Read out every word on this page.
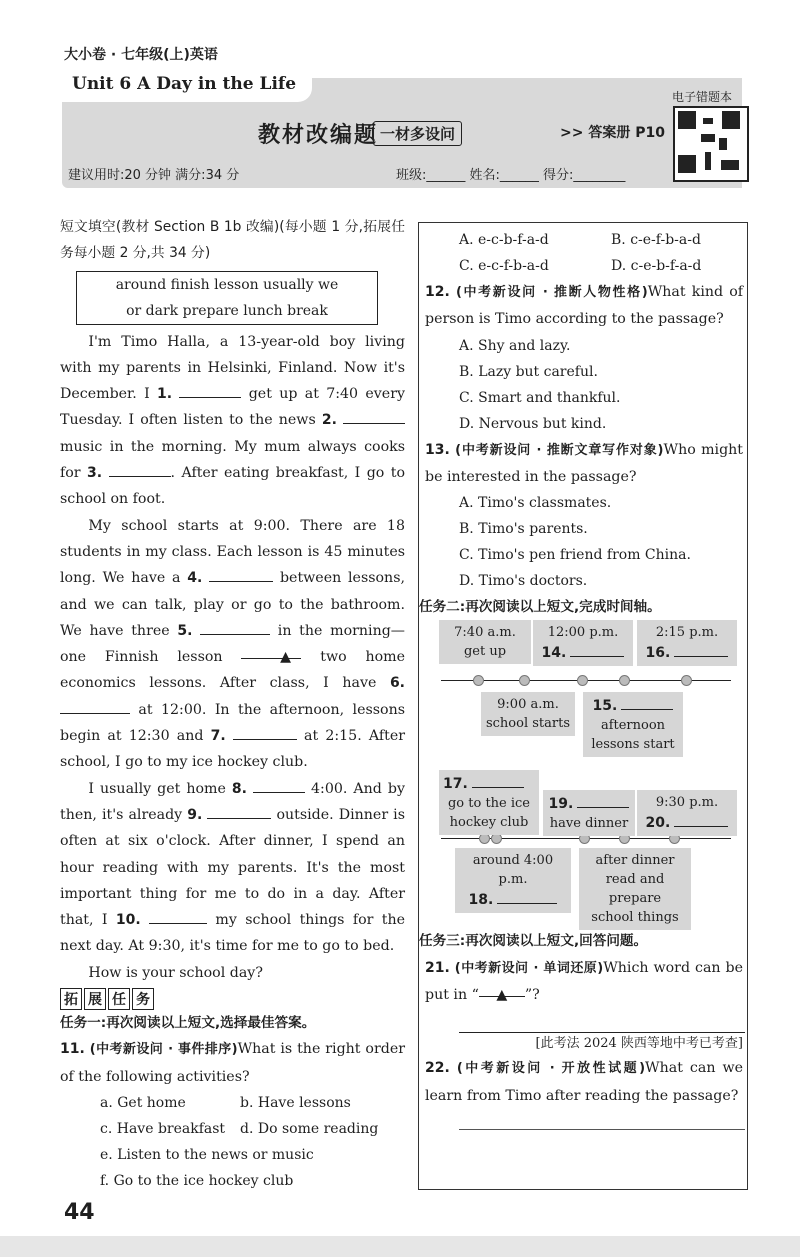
大小卷 · 七年级(上)英语
Unit 6 A Day in the Life
教材改编题 一材多设问	>> 答案册 P10
建议用时:20 分钟 满分:34 分	班级:______ 姓名:______ 得分:________
电子错题本

短文填空(教材 Section B 1b 改编)(每小题 1 分,拓展任务每小题 2 分,共 34 分)

around finish lesson usually we
or dark prepare lunch break

I'm Timo Halla, a 13-year-old boy living with my parents in Helsinki, Finland. Now it's December. I 1.	get up at 7:40 every Tuesday. I often listen to the news 2.  music in the morning. My mum always cooks for 3.	. After eating breakfast, I go to school on foot.

My school starts at 9:00. There are 18 students in my class. Each lesson is 45 minutes long. We have a 4.	between lessons, and we can talk, play or go to the bathroom. We have three 5.	in the morning—one Finnish lesson	▲ two home economics lessons. After class, I have 6.  at 12:00. In the afternoon, lessons begin at 12:30 and 7.	at 2:15. After school, I go to my ice hockey club.

I usually get home 8.	4:00. And by then, it's already 9.	outside. Dinner is often at six o'clock. After dinner, I spend an hour reading with my parents. It's the most important thing for me to do in a day. After that, I 10.	my school things for the next day. At 9:30, it's time for me to go to bed.

How is your school day?

拓 展 任 务

任务一:再次阅读以上短文,选择最佳答案。

11. (中考新设问 · 事件排序)What is the right order of the following activities?

a. Get home	b. Have lessons
c. Have breakfast d. Do some reading
e. Listen to the news or music
f. Go to the ice hockey club
A. e-c-b-f-a-d	B. c-e-f-b-a-d
C. e-c-f-b-a-d	D. c-e-b-f-a-d

12. (中考新设问 · 推断人物性格)What kind of person is Timo according to the passage?

A. Shy and lazy.
B. Lazy but careful.
C. Smart and thankful.
D. Nervous but kind.

13. (中考新设问 · 推断文章写作对象)Who might be interested in the passage?

A. Timo's classmates.
B. Timo's parents.
C. Timo's pen friend from China.
D. Timo's doctors.

任务二:再次阅读以上短文,完成时间轴。

7:40 a.m.
get up
12:00 p.m.
14.
2:15 p.m.
16.
9:00 a.m.
school starts
15.
afternoon
lessons start
17.
go to the ice
hockey club
19.
have dinner
9:30 p.m.
20.
around 4:00 p.m.
18.
after dinner
read and prepare
school things

任务三:再次阅读以上短文,回答问题。

21. (中考新设问 · 单词还原)Which word can be put in “ ▲ ”?

[此考法 2024 陕西等地中考已考查]

22. (中考新设问 · 开放性试题)What can we learn from Timo after reading the passage?

44
